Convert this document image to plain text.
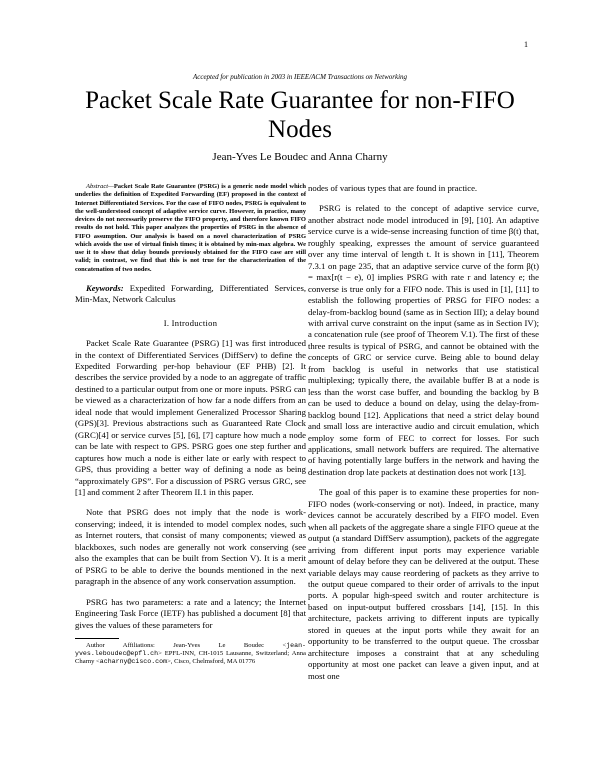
1
Accepted for publication in 2003 in IEEE/ACM Transactions on Networking
Packet Scale Rate Guarantee for non-FIFO Nodes
Jean-Yves Le Boudec and Anna Charny

Abstract—Packet Scale Rate Guarantee (PSRG) is a generic node model which underlies the definition of Expedited Forwarding (EF) proposed in the context of Internet Differentiated Services. For the case of FIFO nodes, PSRG is equivalent to the well-understood concept of adaptive service curve. However, in practice, many devices do not necessarily preserve the FIFO property, and therefore known FIFO results do not hold. This paper analyzes the properties of PSRG in the absence of FIFO assumption. Our analysis is based on a novel characterization of PSRG which avoids the use of virtual finish times; it is obtained by min-max algebra. We use it to show that delay bounds previously obtained for the FIFO case are still valid; in contrast, we find that this is not true for the characterization of the concatenation of two nodes.

Keywords: Expedited Forwarding, Differentiated Services, Min-Max, Network Calculus

I. Introduction

Packet Scale Rate Guarantee (PSRG) [1] was first introduced in the context of Differentiated Services (DiffServ) to define the Expedited Forwarding per-hop behaviour (EF PHB) [2]. It describes the service provided by a node to an aggregate of traffic destined to a particular output from one or more inputs. PSRG can be viewed as a characterization of how far a node differs from an ideal node that would implement Generalized Processor Sharing (GPS)[3]. Previous abstractions such as Guaranteed Rate Clock (GRC)[4] or service curves [5], [6], [7] capture how much a node can be late with respect to GPS. PSRG goes one step further and captures how much a node is either late or early with respect to GPS, thus providing a better way of defining a node as being “approximately GPS”. For a discussion of PSRG versus GRC, see [1] and comment 2 after Theorem II.1 in this paper.

Note that PSRG does not imply that the node is work-conserving; indeed, it is intended to model complex nodes, such as Internet routers, that consist of many components; viewed as blackboxes, such nodes are generally not work conserving (see also the examples that can be built from Section V). It is a merit of PSRG to be able to derive the bounds mentioned in the next paragraph in the absence of any work conservation assumption.

PSRG has two parameters: a rate and a latency; the Internet Engineering Task Force (IETF) has published a document [8] that gives the values of these parameters for

Author Affiliations: Jean-Yves Le Boudec <jean-yves.leboudec@epfl.ch> EPFL-INN, CH-1015 Lausanne, Switzerland; Anna Charny <acharny@cisco.com>, Cisco, Chelmsford, MA 01776

nodes of various types that are found in practice.

PSRG is related to the concept of adaptive service curve, another abstract node model introduced in [9], [10]. An adaptive service curve is a wide-sense increasing function of time β(t) that, roughly speaking, expresses the amount of service guaranteed over any time interval of length t. It is shown in [11], Theorem 7.3.1 on page 235, that an adaptive service curve of the form β(t) = max[r(t − e), 0] implies PSRG with rate r and latency e; the converse is true only for a FIFO node. This is used in [1], [11] to establish the following properties of PRSG for FIFO nodes: a delay-from-backlog bound (same as in Section III); a delay bound with arrival curve constraint on the input (same as in Section IV); a concatenation rule (see proof of Theorem V.1). The first of these three results is typical of PSRG, and cannot be obtained with the concepts of GRC or service curve. Being able to bound delay from backlog is useful in networks that use statistical multiplexing; typically there, the available buffer B at a node is less than the worst case buffer, and bounding the backlog by B can be used to deduce a bound on delay, using the delay-from-backlog bound [12]. Applications that need a strict delay bound and small loss are interactive audio and circuit emulation, which employ some form of FEC to correct for losses. For such applications, small network buffers are required. The alternative of having potentially large buffers in the network and having the destination drop late packets at destination does not work [13].

The goal of this paper is to examine these properties for non-FIFO nodes (work-conserving or not). Indeed, in practice, many devices cannot be accurately described by a FIFO model. Even when all packets of the aggregate share a single FIFO queue at the output (a standard DiffServ assumption), packets of the aggregate arriving from different input ports may experience variable amount of delay before they can be delivered at the output. These variable delays may cause reordering of packets as they arrive to the output queue compared to their order of arrivals to the input ports. A popular high-speed switch and router architecture is based on input-output buffered crossbars [14], [15]. In this architecture, packets arriving to different inputs are typically stored in queues at the input ports while they await for an opportunity to be transferred to the output queue. The crossbar architecture imposes a constraint that at any scheduling opportunity at most one packet can leave a given input, and at most one
